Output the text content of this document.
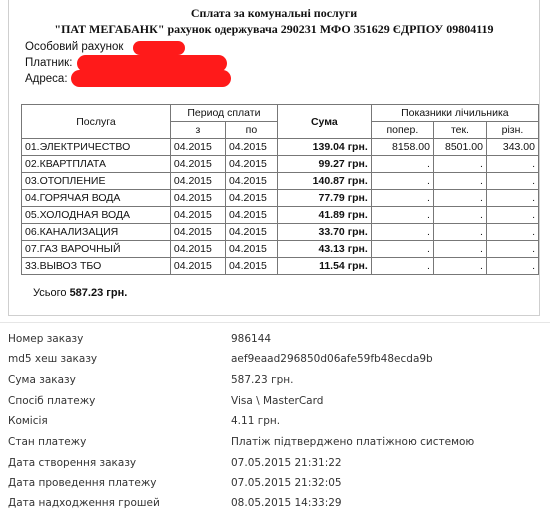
Сплата за комунальні послуги
"ПАТ МЕГАБАНК" рахунок одержувача 290231 МФО 351629 ЄДРПОУ 09804119
Особовий рахунок
Платник:
Адреса:
Послуга	Период сплати		Сума	Показники лічильника		
	з	по		попер.	тек.	різн.
01.ЭЛЕКТРИЧЕСТВО	04.2015	04.2015	139.04 грн.	8158.00	8501.00	343.00
02.КВАРТПЛАТА	04.2015	04.2015	99.27 грн.	.	.	.
03.ОТОПЛЕНИЕ	04.2015	04.2015	140.87 грн.	.	.	.
04.ГОРЯЧАЯ ВОДА	04.2015	04.2015	77.79 грн.	.	.	.
05.ХОЛОДНАЯ ВОДА	04.2015	04.2015	41.89 грн.	.	.	.
06.КАНАЛИЗАЦИЯ	04.2015	04.2015	33.70 грн.	.	.	.
07.ГАЗ ВАРОЧНЫЙ	04.2015	04.2015	43.13 грн.	.	.	.
33.ВЫВОЗ ТБО	04.2015	04.2015	11.54 грн.	.	.	.
Усього 587.23 грн.
Номер заказу	986144
md5 хеш заказу	aef9eaad296850d06afe59fb48ecda9b
Сума заказу	587.23 грн.
Спосіб платежу	Visa \ MasterCard
Комісія	4.11 грн.
Стан платежу	Платіж підтверджено платіжною системою
Дата створення заказу	07.05.2015 21:31:22
Дата проведення платежу	07.05.2015 21:32:05
Дата надходження грошей	08.05.2015 14:33:29
